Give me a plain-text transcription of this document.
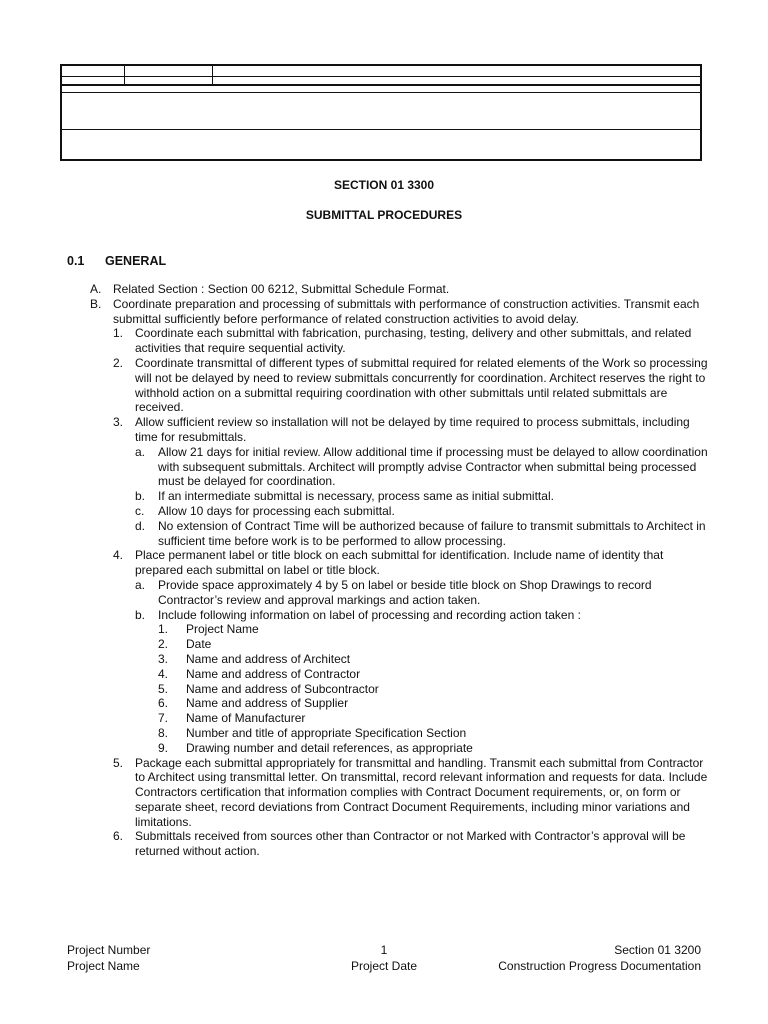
SECTION 01 3300
SUBMITTAL PROCEDURES
0.1 GENERAL
A. Related Section : Section 00 6212, Submittal Schedule Format.
B. Coordinate preparation and processing of submittals with performance of construction activities. Transmit each submittal sufficiently before performance of related construction activities to avoid delay.
1. Coordinate each submittal with fabrication, purchasing, testing, delivery and other submittals, and related activities that require sequential activity.
2. Coordinate transmittal of different types of submittal required for related elements of the Work so processing will not be delayed by need to review submittals concurrently for coordination. Architect reserves the right to withhold action on a submittal requiring coordination with other submittals until related submittals are received.
3. Allow sufficient review so installation will not be delayed by time required to process submittals, including time for resubmittals.
a.	Allow 21 days for initial review. Allow additional time if processing must be delayed to allow coordination with subsequent submittals. Architect will promptly advise Contractor when submittal being processed must be delayed for coordination.
b.	If an intermediate submittal is necessary, process same as initial submittal.
c.	Allow 10 days for processing each submittal.
d.	No extension of Contract Time will be authorized because of failure to transmit submittals to Architect in sufficient time before work is to be performed to allow processing.
4. Place permanent label or title block on each submittal for identification. Include name of identity that prepared each submittal on label or title block.
a.	Provide space approximately 4 by 5 on label or beside title block on Shop Drawings to record Contractor’s review and approval markings and action taken.
b.	Include following information on label of processing and recording action taken :
1.	Project Name
2.	Date
3.	Name and address of Architect
4.	Name and address of Contractor
5.	Name and address of Subcontractor
6.	Name and address of Supplier
7.	Name of Manufacturer
8.	Number and title of appropriate Specification Section
9.	Drawing number and detail references, as appropriate
5. Package each submittal appropriately for transmittal and handling. Transmit each submittal from Contractor to Architect using transmittal letter. On transmittal, record relevant information and requests for data. Include Contractors certification that information complies with Contract Document requirements, or, on form or separate sheet, record deviations from Contract Document Requirements, including minor variations and limitations.
6. Submittals received from sources other than Contractor or not Marked with Contractor’s approval will be returned without action.
Project Number
Project Name
1
Project Date
Section 01 3200
Construction Progress Documentation
